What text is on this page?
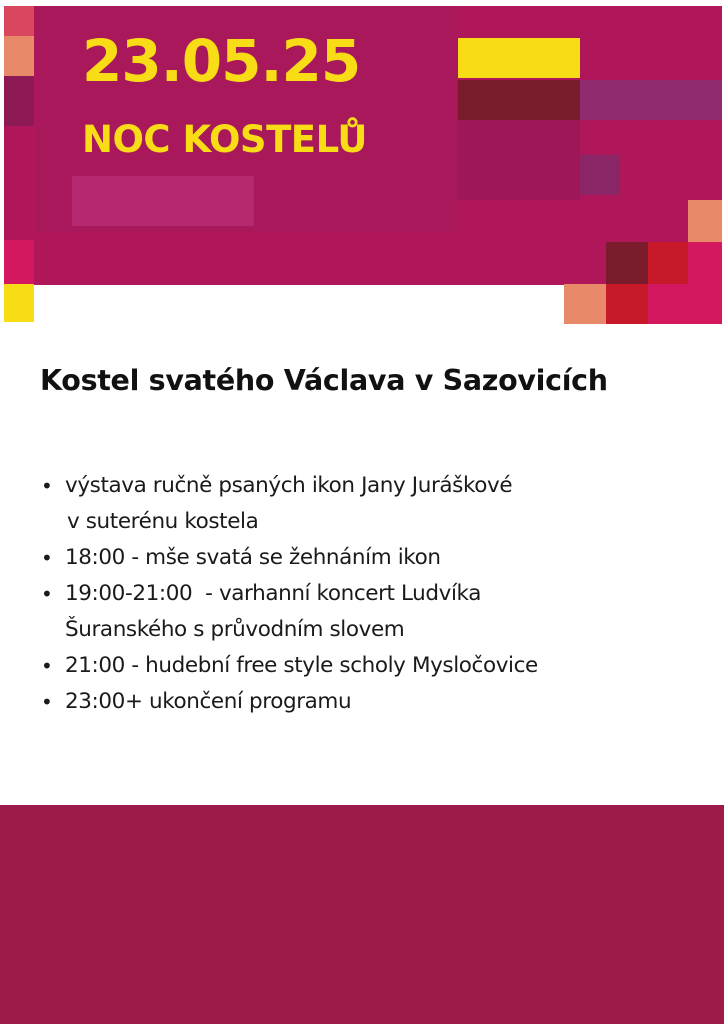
23.05.25
NOC KOSTELŮ
Kostel svatého Václava v Sazovicích
• výstava ručně psaných ikon Jany Juráškové
v suterénu kostela
• 18:00 - mše svatá se žehnáním ikon
• 19:00-21:00  - varhanní koncert Ludvíka
Šuranského s průvodním slovem
• 21:00 - hudební free style scholy Mysločovice
• 23:00+ ukončení programu
